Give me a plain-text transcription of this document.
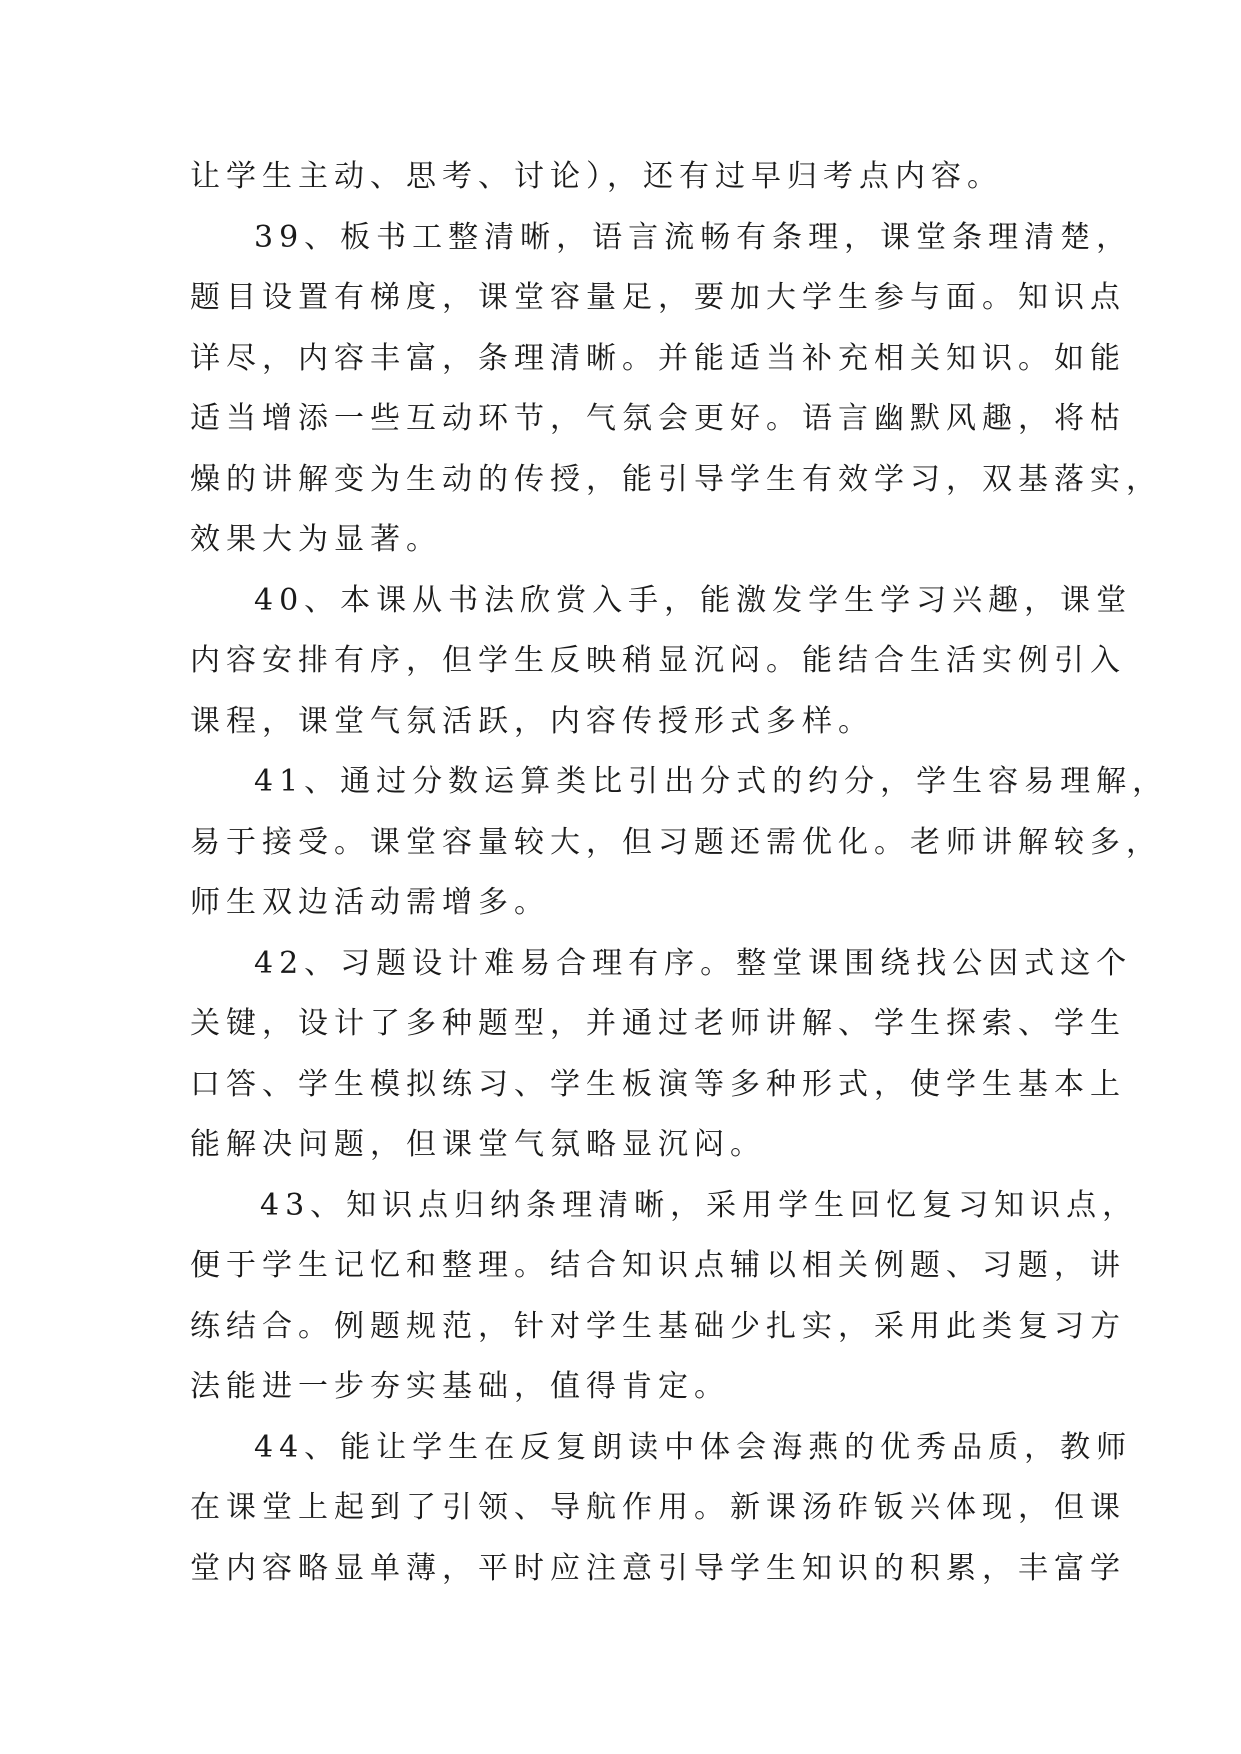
让学生主动、思考、讨论），还有过早归考点内容。
39、板书工整清晰，语言流畅有条理，课堂条理清楚，
题目设置有梯度，课堂容量足，要加大学生参与面。知识点
详尽，内容丰富，条理清晰。并能适当补充相关知识。如能
适当增添一些互动环节，气氛会更好。语言幽默风趣，将枯
燥的讲解变为生动的传授，能引导学生有效学习，双基落实，
效果大为显著。
40、本课从书法欣赏入手，能激发学生学习兴趣，课堂
内容安排有序，但学生反映稍显沉闷。能结合生活实例引入
课程，课堂气氛活跃，内容传授形式多样。
41、通过分数运算类比引出分式的约分，学生容易理解，
易于接受。课堂容量较大，但习题还需优化。老师讲解较多，
师生双边活动需增多。
42、习题设计难易合理有序。整堂课围绕找公因式这个
关键，设计了多种题型，并通过老师讲解、学生探索、学生
口答、学生模拟练习、学生板演等多种形式，使学生基本上
能解决问题，但课堂气氛略显沉闷。
43、知识点归纳条理清晰，采用学生回忆复习知识点，
便于学生记忆和整理。结合知识点辅以相关例题、习题，讲
练结合。例题规范，针对学生基础少扎实，采用此类复习方
法能进一步夯实基础，值得肯定。
44、能让学生在反复朗读中体会海燕的优秀品质，教师
在课堂上起到了引领、导航作用。新课汤砟钣兴体现，但课
堂内容略显单薄，平时应注意引导学生知识的积累，丰富学
